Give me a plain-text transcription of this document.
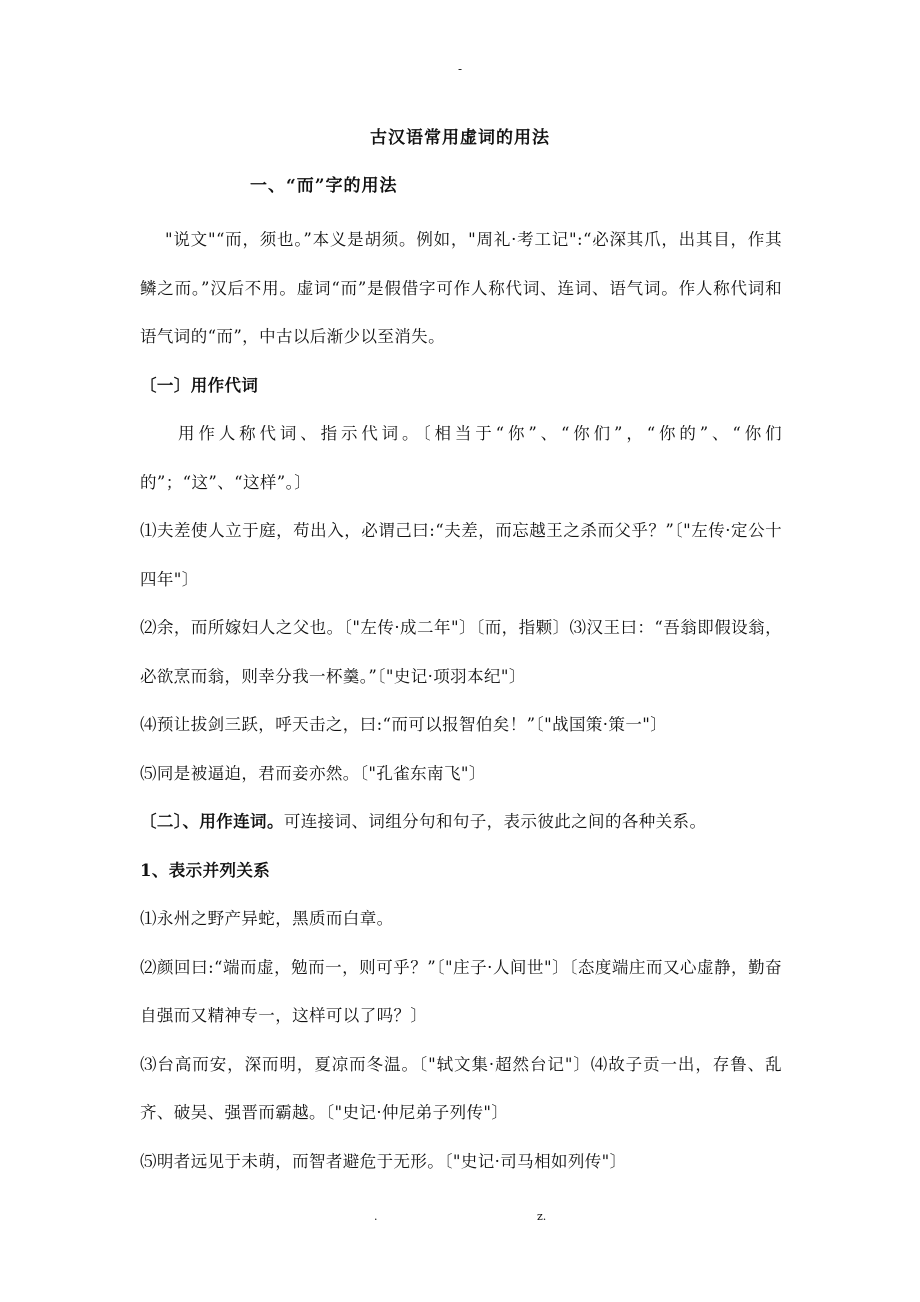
-
古汉语常用虚词的用法
一、“而”字的用法

"说文"“而，须也。”本义是胡须。例如，"周礼·考工记":“必深其爪，出其目，作其鳞之而。”汉后不用。虚词“而”是假借字可作人称代词、连词、语气词。作人称代词和语气词的“而”，中古以后渐少以至消失。

〔一〕用作代词

用作人称代词、指示代词。〔相当于“你”、“你们”，“你的”、“你们的”；“这”、“这样”。〕

⑴夫差使人立于庭，苟出入，必谓己曰:“夫差，而忘越王之杀而父乎？”〔"左传·定公十四年"〕

⑵余，而所嫁妇人之父也。〔"左传·成二年"〕〔而，指颗〕⑶汉王曰：“吾翁即假设翁，必欲烹而翁，则幸分我一杯羹。”〔"史记·项羽本纪"〕

⑷预让拔剑三跃，呼天击之，曰:“而可以报智伯矣！”〔"战国策·策一"〕

⑸同是被逼迫，君而妾亦然。〔"孔雀东南飞"〕

〔二〕、用作连词。可连接词、词组分句和句子，表示彼此之间的各种关系。

1、表示并列关系

⑴永州之野产异蛇，黑质而白章。

⑵颜回曰:“端而虚，勉而一，则可乎？”〔"庄子·人间世"〕〔态度端庄而又心虚静，勤奋自强而又精神专一，这样可以了吗？〕

⑶台高而安，深而明，夏凉而冬温。〔"轼文集·超然台记"〕⑷故子贡一出，存鲁、乱齐、破吴、强晋而霸越。〔"史记·仲尼弟子列传"〕

⑸明者远见于未萌，而智者避危于无形。〔"史记·司马相如列传"〕

.	z.
